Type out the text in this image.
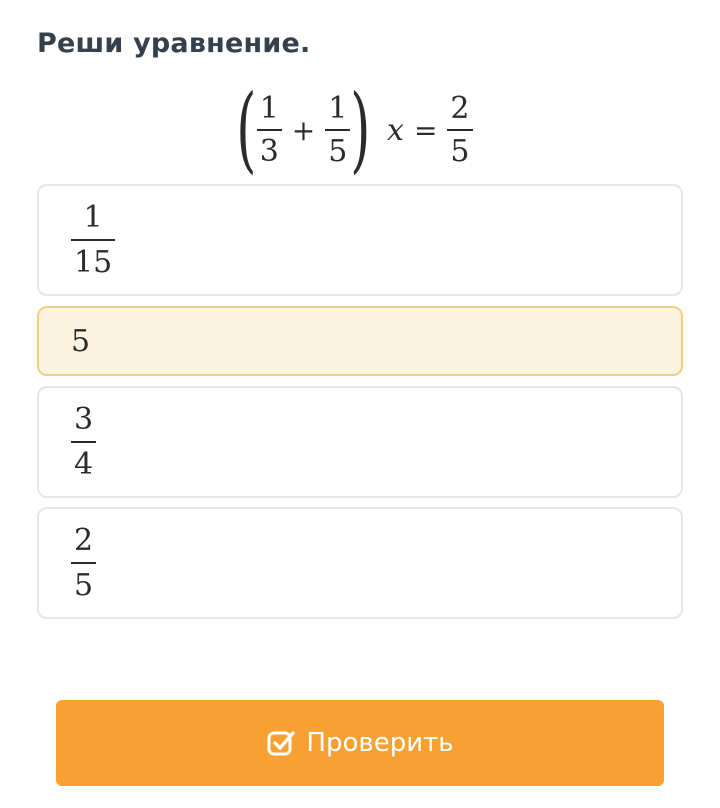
Реши уравнение.
( $\frac{1}{3} + \frac{1}{5}$ ) $x = \frac{2}{5}$
$\frac{1}{15}$
5
$\frac{3}{4}$
$\frac{2}{5}$
Проверить
